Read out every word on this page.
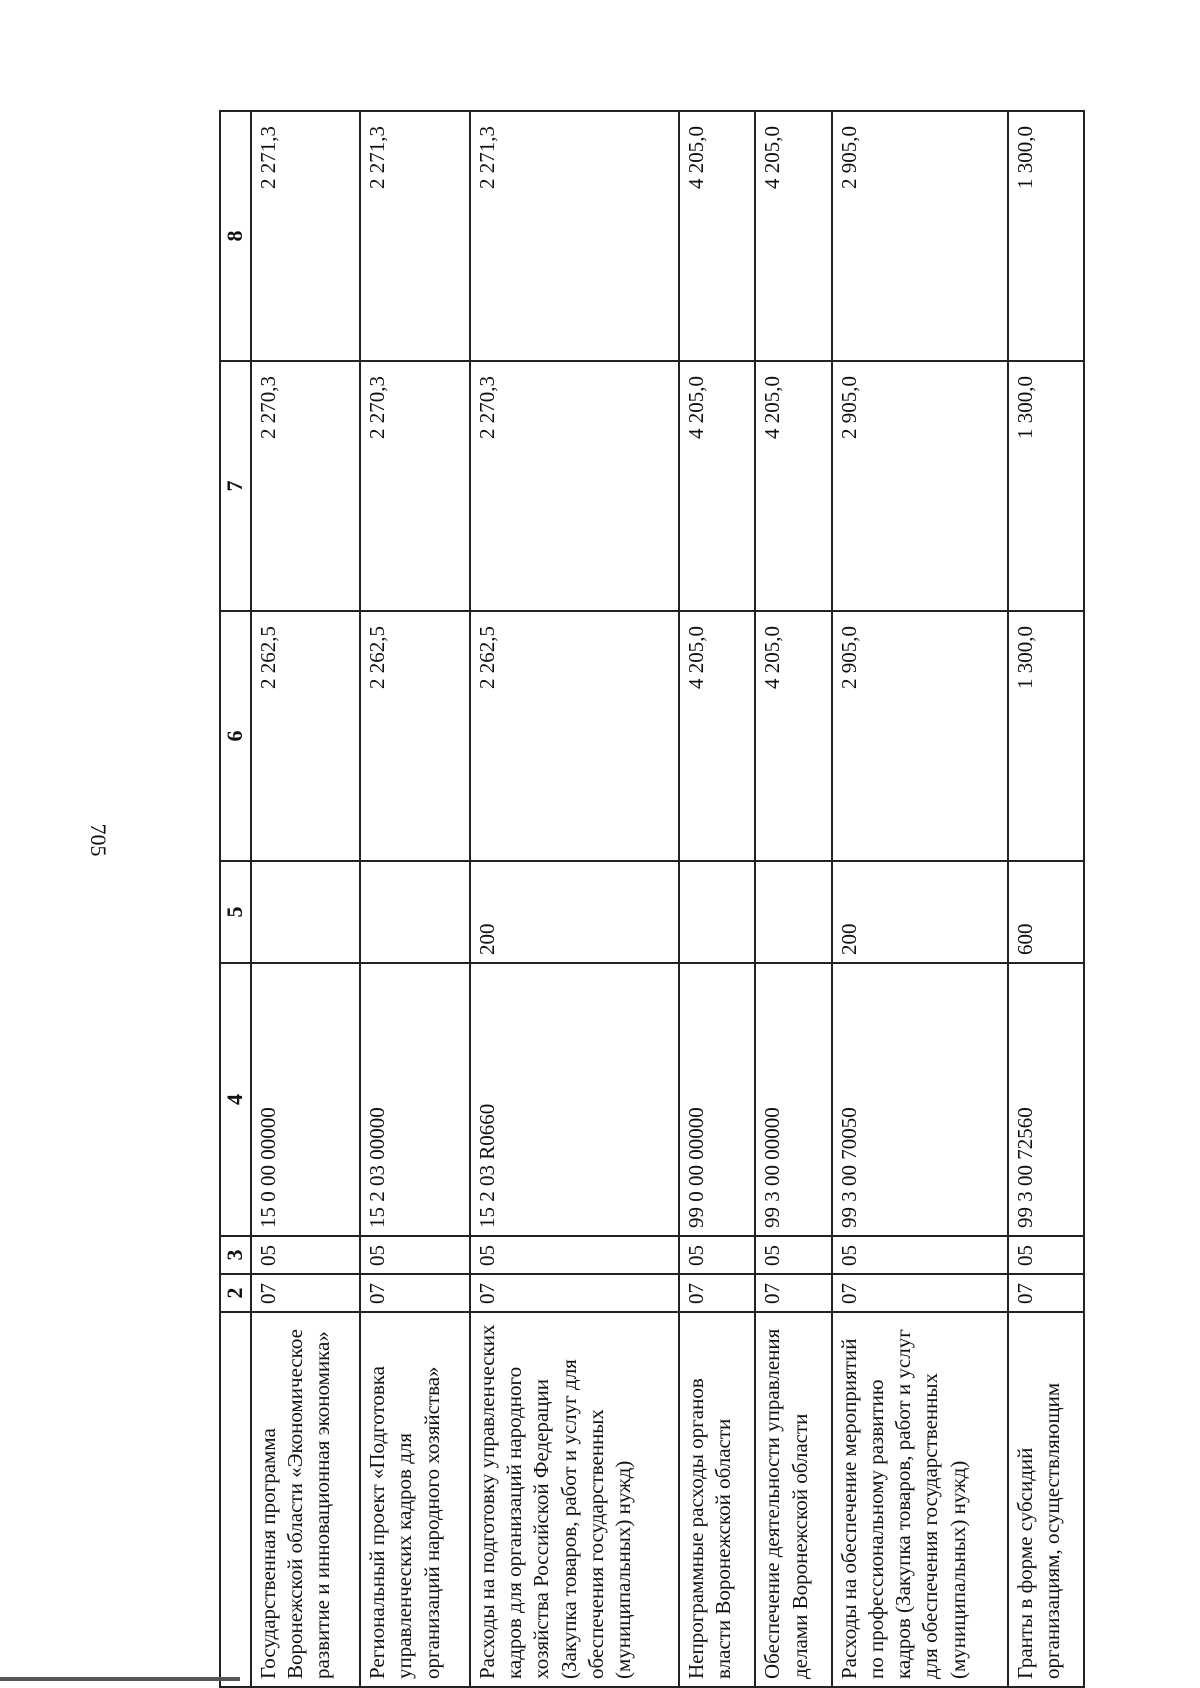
705
	2	3	4	5	6	7	8
Государственная программа Воронежской области «Экономическое развитие и инновационная экономика»	07	05	15 0 00 00000		2 262,5	2 270,3	2 271,3
Региональный проект «Подготовка управленческих кадров для организаций народного хозяйства»	07	05	15 2 03 00000		2 262,5	2 270,3	2 271,3
Расходы на подготовку управленческих кадров для организаций народного хозяйства Российской Федерации (Закупка товаров, работ и услуг для обеспечения государственных (муниципальных) нужд)	07	05	15 2 03 R0660	200	2 262,5	2 270,3	2 271,3
Непрограммные расходы органов власти Воронежской области	07	05	99 0 00 00000		4 205,0	4 205,0	4 205,0
Обеспечение деятельности управления делами Воронежской области	07	05	99 3 00 00000		4 205,0	4 205,0	4 205,0
Расходы на обеспечение мероприятий по профессиональному развитию кадров (Закупка товаров, работ и услуг для обеспечения государственных (муниципальных) нужд)	07	05	99 3 00 70050	200	2 905,0	2 905,0	2 905,0
Гранты в форме субсидий организациям, осуществляющим	07	05	99 3 00 72560	600	1 300,0	1 300,0	1 300,0
